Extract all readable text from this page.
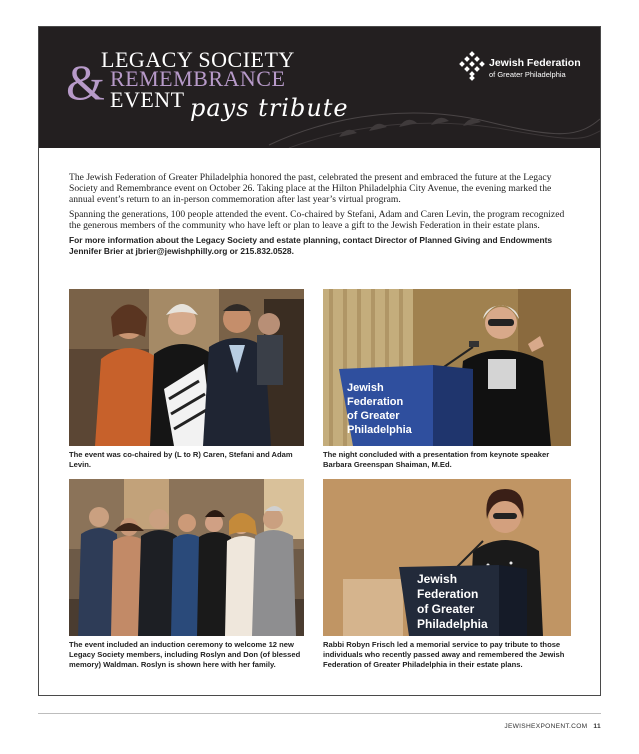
&
LEGACY SOCIETY
REMEMBRANCE
EVENT pays tribute
Jewish Federation
of Greater Philadelphia

The Jewish Federation of Greater Philadelphia honored the past, celebrated the present and embraced the future at the Legacy Society and Remembrance event on October 26. Taking place at the Hilton Philadelphia City Avenue, the evening marked the annual event’s return to an in-person commemoration after last year’s virtual program.

Spanning the generations, 100 people attended the event. Co-chaired by Stefani, Adam and Caren Levin, the program recognized the generous members of the community who have left or plan to leave a gift to the Jewish Federation in their estate plans.

For more information about the Legacy Society and estate planning, contact Director of Planned Giving and Endowments Jennifer Brier at jbrier@jewishphilly.org or 215.832.0528.

The event was co-chaired by (L to R) Caren, Stefani and Adam Levin.
Jewish
Federation
of Greater
Philadelphia
The night concluded with a presentation from keynote speaker Barbara Greenspan Shaiman, M.Ed.
The event included an induction ceremony to welcome 12 new Legacy Society members, including Roslyn and Don (of blessed memory) Waldman. Roslyn is shown here with her family.
Jewish
Federation
of Greater
Philadelphia
Rabbi Robyn Frisch led a memorial service to pay tribute to those individuals who recently passed away and remembered the Jewish Federation of Greater Philadelphia in their estate plans.
JEWISHEXPONENT.COM 11
